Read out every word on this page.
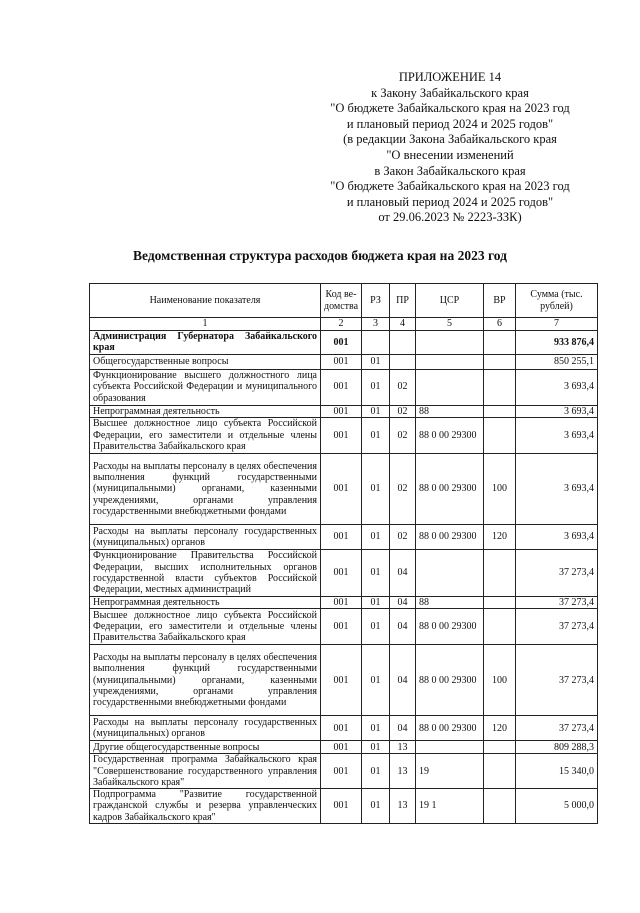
ПРИЛОЖЕНИЕ 14
к Закону Забайкальского края
"О бюджете Забайкальского края на 2023 год
и плановый период 2024 и 2025 годов"
(в редакции Закона Забайкальского края
"О внесении изменений
в Закон Забайкальского края
"О бюджете Забайкальского края на 2023 год
и плановый период 2024 и 2025 годов"
от 29.06.2023 № 2223-ЗЗК)
Ведомственная структура расходов бюджета края на 2023 год
Наименование показателя	Код ве-домства	РЗ	ПР	ЦСР	ВР	Сумма (тыс. рублей)
1	2	3	4	5	6	7
Администрация Губернатора Забайкальского края	001					933 876,4
Общегосударственные вопросы	001	01				850 255,1
Функционирование высшего должностного лица субъекта Российской Федерации и муниципального образования	001	01	02			3 693,4
Непрограммная деятельность	001	01	02	88		3 693,4
Высшее должностное лицо субъекта Российской Федерации, его заместители и отдельные члены Правительства Забайкальского края	001	01	02	88 0 00 29300		3 693,4
Расходы на выплаты персоналу в целях обеспечения выполнения функций государственными (муниципальными) органами, казенными учреждениями, органами управления государственными внебюджетными фондами	001	01	02	88 0 00 29300	100	3 693,4
Расходы на выплаты персоналу государственных (муниципальных) органов	001	01	02	88 0 00 29300	120	3 693,4
Функционирование Правительства Российской Федерации, высших исполнительных органов государственной власти субъектов Российской Федерации, местных администраций	001	01	04			37 273,4
Непрограммная деятельность	001	01	04	88		37 273,4
Высшее должностное лицо субъекта Российской Федерации, его заместители и отдельные члены Правительства Забайкальского края	001	01	04	88 0 00 29300		37 273,4
Расходы на выплаты персоналу в целях обеспечения выполнения функций государственными (муниципальными) органами, казенными учреждениями, органами управления государственными внебюджетными фондами	001	01	04	88 0 00 29300	100	37 273,4
Расходы на выплаты персоналу государственных (муниципальных) органов	001	01	04	88 0 00 29300	120	37 273,4
Другие общегосударственные вопросы	001	01	13			809 288,3
Государственная программа Забайкальского края "Совершенствование государственного управления Забайкальского края"	001	01	13	19		15 340,0
Подпрограмма "Развитие государственной гражданской службы и резерва управленческих кадров Забайкальского края"	001	01	13	19 1		5 000,0
